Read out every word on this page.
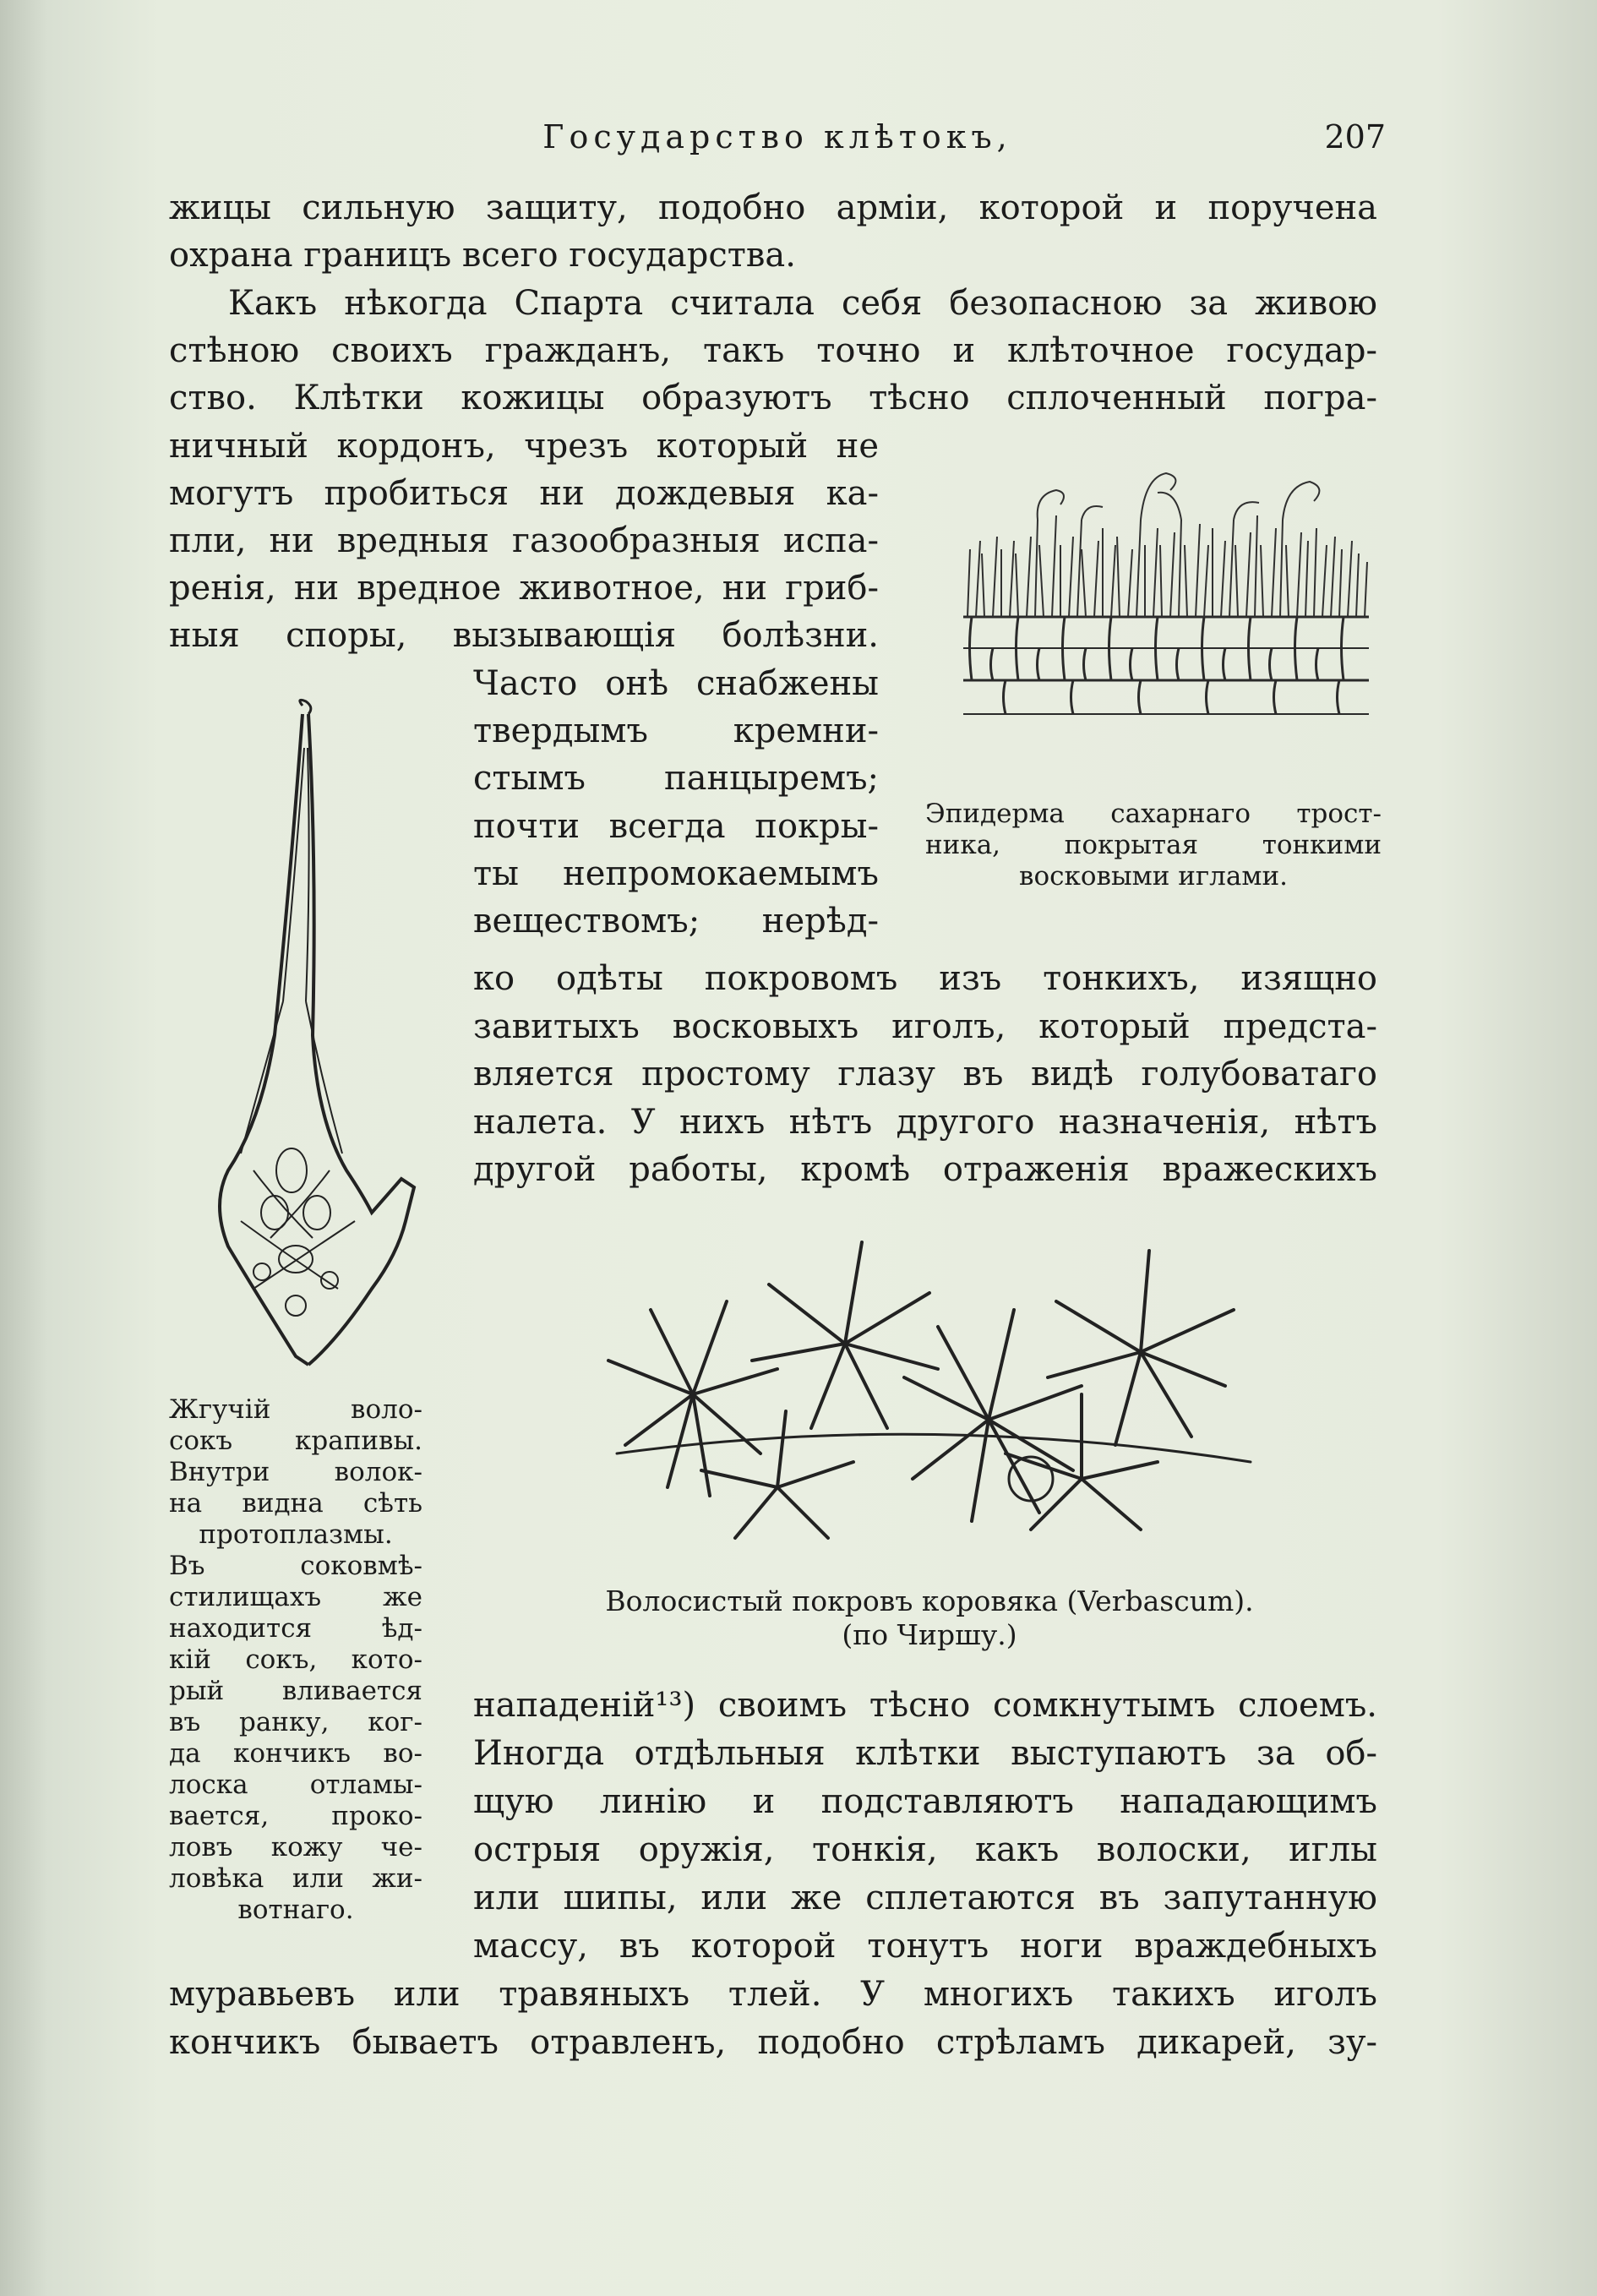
Государство клѣтокъ,	207
жицы сильную защиту, подобно арміи, которой и поручена
охрана границъ всего государства.
Какъ нѣкогда Спарта считала себя безопасною за живою
стѣною своихъ гражданъ, такъ точно и клѣточное государ-
ство. Клѣтки кожицы образуютъ тѣсно сплоченный погра-
ничный кордонъ, чрезъ который не
могутъ пробиться ни дождевыя ка-
пли, ни вредныя газообразныя испа-
ренія, ни вредное животное, ни гриб-
ныя споры, вызывающія болѣзни.
Часто онѣ снабжены
твердымъ кремни-
стымъ панцыремъ;
почти всегда покры-
ты непромокаемымъ
веществомъ; нерѣд-
ко одѣты покровомъ изъ тонкихъ, изящно
завитыхъ восковыхъ иголъ, который предста-
вляется простому глазу въ видѣ голубоватаго
налета. У нихъ нѣтъ другого назначенія, нѣтъ
другой работы, кромѣ отраженія вражескихъ
нападеній¹³) своимъ тѣсно сомкнутымъ слоемъ.
Иногда отдѣльныя клѣтки выступаютъ за об-
щую линію и подставляютъ нападающимъ
острыя оружія, тонкія, какъ волоски, иглы
или шипы, или же сплетаются въ запутанную
массу, въ которой тонутъ ноги враждебныхъ
муравьевъ или травяныхъ тлей. У многихъ такихъ иголъ
кончикъ бываетъ отравленъ, подобно стрѣламъ дикарей, зу-
Эпидерма сахарнаго трост-
ника, покрытая тонкими
восковыми иглами.
Жгучій воло-
сокъ крапивы.
Внутри волок-
на видна сѣть
протоплазмы.
Въ соковмѣ-
стилищахъ же
находится ѣд-
кій сокъ, кото-
рый вливается
въ ранку, ког-
да кончикъ во-
лоска отламы-
вается, проко-
ловъ кожу че-
ловѣка или жи-
вотнаго.
Волосистый покровъ коровяка (Verbascum).
(по Чиршу.)
